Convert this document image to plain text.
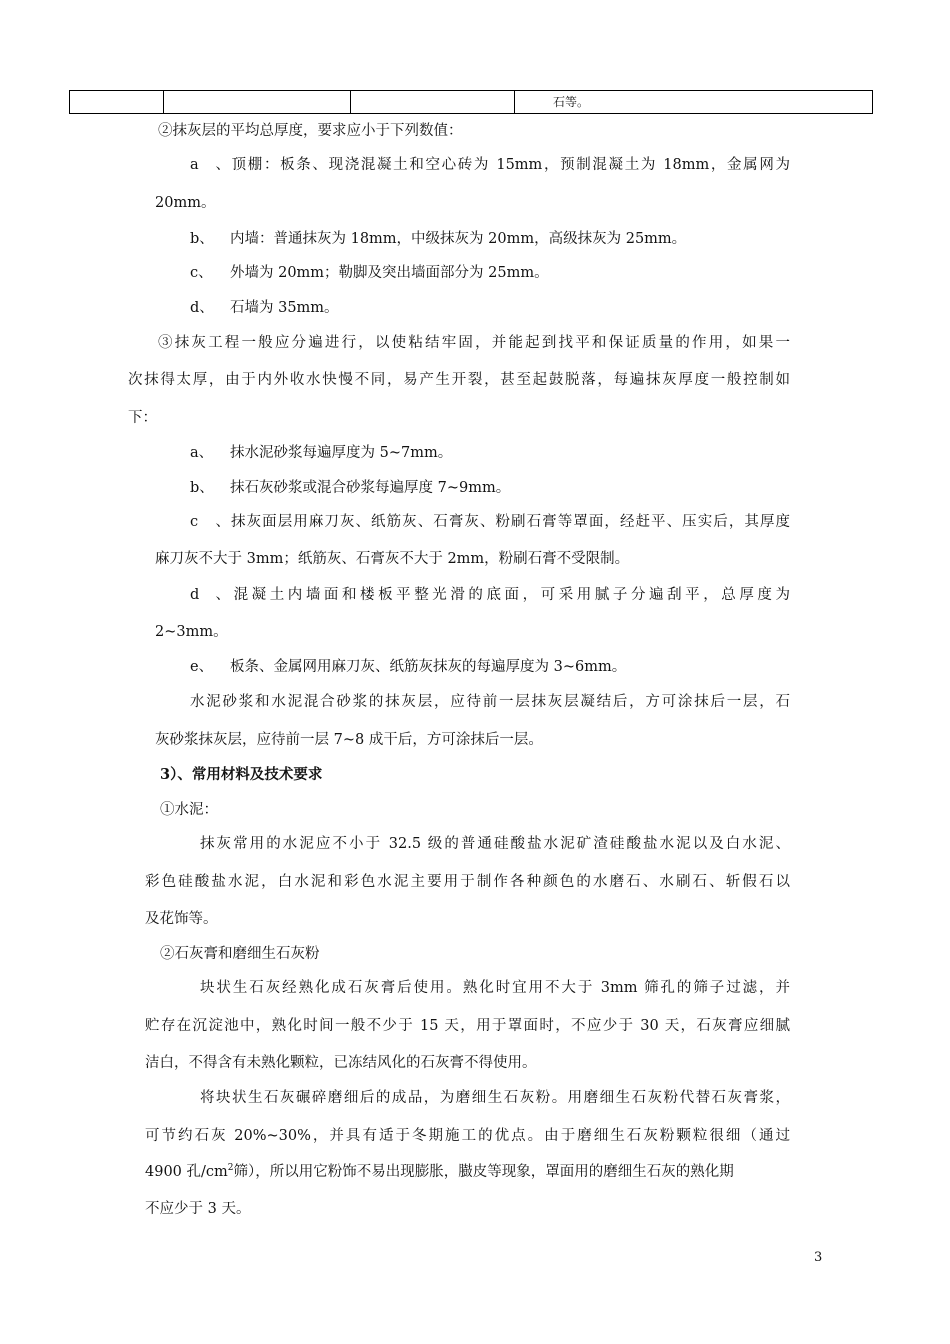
石等。
②抹灰层的平均总厚度，要求应小于下列数值：
a、顶棚：板条、现浇混凝土和空心砖为 15mm，预制混凝土为 18mm，金属网为
20mm。
b、 内墙：普通抹灰为 18mm，中级抹灰为 20mm，高级抹灰为 25mm。
c、 外墙为 20mm；勒脚及突出墙面部分为 25mm。
d、 石墙为 35mm。
③抹灰工程一般应分遍进行，以使粘结牢固，并能起到找平和保证质量的作用，如果一
次抹得太厚，由于内外收水快慢不同，易产生开裂，甚至起鼓脱落，每遍抹灰厚度一般控制如
下：
a、 抹水泥砂浆每遍厚度为 5~7mm。
b、 抹石灰砂浆或混合砂浆每遍厚度 7~9mm。
c、抹灰面层用麻刀灰、纸筋灰、石膏灰、粉刷石膏等罩面，经赶平、压实后，其厚度
麻刀灰不大于 3mm；纸筋灰、石膏灰不大于 2mm，粉刷石膏不受限制。
d、混凝土内墙面和楼板平整光滑的底面，可采用腻子分遍刮平，总厚度为
2~3mm。
e、 板条、金属网用麻刀灰、纸筋灰抹灰的每遍厚度为 3~6mm。
水泥砂浆和水泥混合砂浆的抹灰层，应待前一层抹灰层凝结后，方可涂抹后一层，石
灰砂浆抹灰层，应待前一层 7~8 成干后，方可涂抹后一层。
3）、常用材料及技术要求
①水泥：
抹灰常用的水泥应不小于 32.5 级的普通硅酸盐水泥矿渣硅酸盐水泥以及白水泥、
彩色硅酸盐水泥，白水泥和彩色水泥主要用于制作各种颜色的水磨石、水刷石、斩假石以
及花饰等。
②石灰膏和磨细生石灰粉
块状生石灰经熟化成石灰膏后使用。熟化时宜用不大于 3mm 筛孔的筛子过滤，并
贮存在沉淀池中，熟化时间一般不少于 15 天，用于罩面时，不应少于 30 天，石灰膏应细腻
洁白，不得含有未熟化颗粒，已冻结风化的石灰膏不得使用。
将块状生石灰碾碎磨细后的成品，为磨细生石灰粉。用磨细生石灰粉代替石灰膏浆，
可节约石灰 20%~30%，并具有适于冬期施工的优点。由于磨细生石灰粉颗粒很细（通过
4900 孔$/cm^2$筛），所以用它粉饰不易出现膨胀，臌皮等现象，罩面用的磨细生石灰的熟化期
不应少于 3 天。
3
